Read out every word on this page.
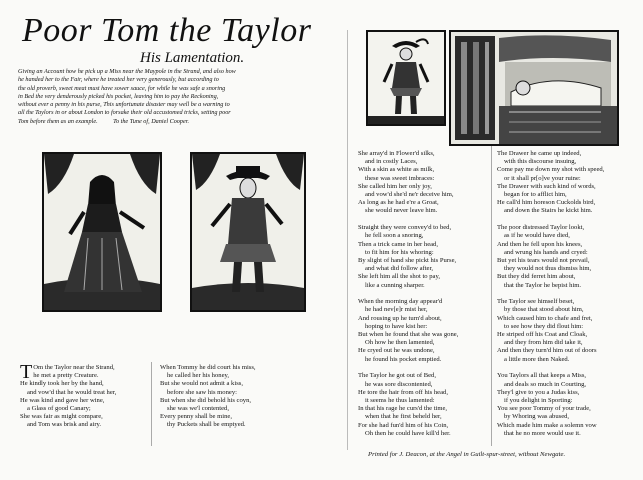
Poor Tom the Taylor
His Lamentation.
Giving an Account how he pick up a Miss near the Maypole in the Strand, and also how
he handed her to the Fair, where he treated her very generously, but according to
the old proverb, sweet meat must have sower sauce, for while he was safe a snoring
in Bed the very denderously picked his pocket, leaving him to pay the Reckoning,
without ever a penny in his purse, This unfortunate disaster may well be a warning to
all the Taylors in or about London to forsake their old accustomed tricks, setting poor
Tom before them as an example.          To the Tune of, Daniel Cooper.
T Om the Taylor near the Strand,
he met a pretty Creature.
He kindly took her by the hand,
and vow'd that he would treat her,
He was kind and gave her wine,
a Glass of good Canary;
She was fair as might compare,
and Tom was brisk and airy.
When Tommy he did court his miss,
he called her his honey,
But she would not admit a kiss,
before she saw his money:
But when she did behold his coyn,
she was we'l contented,
Every penny shall be mine,
thy Puckets shall be emptyed.
She array'd in Flower'd silks,
and in costly Laces,
With a skin as white as milk,
these was sweet imbraces:
She called him her only joy,
and vow'd she'd ne'r deceive him,
As long as he had e're a Groat,
she would never leave him.
Straight they were convey'd to bed,
he fell soon a snoring,
Then a trick came in her head,
to fit him for his whoring:
By slight of hand she pickt his Purse,
and what did follow after,
She left him all the shot to pay,
like a cunning sharper.
When the morning day appear'd
he had nev[e]r mist her,
And rousing up he turn'd about,
hoping to have kist her:
But when he found that she was gone,
Oh how he then lamented,
He cryed out he was undone,
he found his pocket emptied.
The Taylor he got out of Bed,
he was sore discontented,
He tore the hair from off his head,
it seems he thus lamented:
In that his rage he curs'd the time,
when that he first beheld her,
For she had fun'd him of his Coin,
Oh then he could have kill'd her.
The Drawer he came up indeed,
with this discourse insuing,
Come pay me down my shot with speed,
or it shall pr[o]ve your ruine:
The Drawer with such kind of words,
began for to afflict him,
He call'd him horeson Cuckolds bird,
and down the Stairs he kickt him.
The poor distressed Taylor lookt,
as if he would have died,
And then he fell upon his knees,
and wrung his hands and cryed:
But yet his tears would not prevail,
they would not thus dismiss him,
But they did ferret him about,
that the Taylor he bepist him.
The Taylor see himself beset,
by those that stood about him,
Which caused him to chafe and fret,
to see how they did flout him:
He striped off his Coat and Cloak,
and they from him did take it,
And then they turn'd him out of doors
a little more then Naked.
You Taylors all that keeps a Miss,
and deals so much in Courting,
They'l give to you a Judas kiss,
if you delight in Sporting:
You see poor Tommy of your trade,
by Whoring was abused,
Which made him make a solemn vow
that he no more would use it.
Printed for J. Deacon, at the Angel in Guilt-spur-street, without Newgate.
